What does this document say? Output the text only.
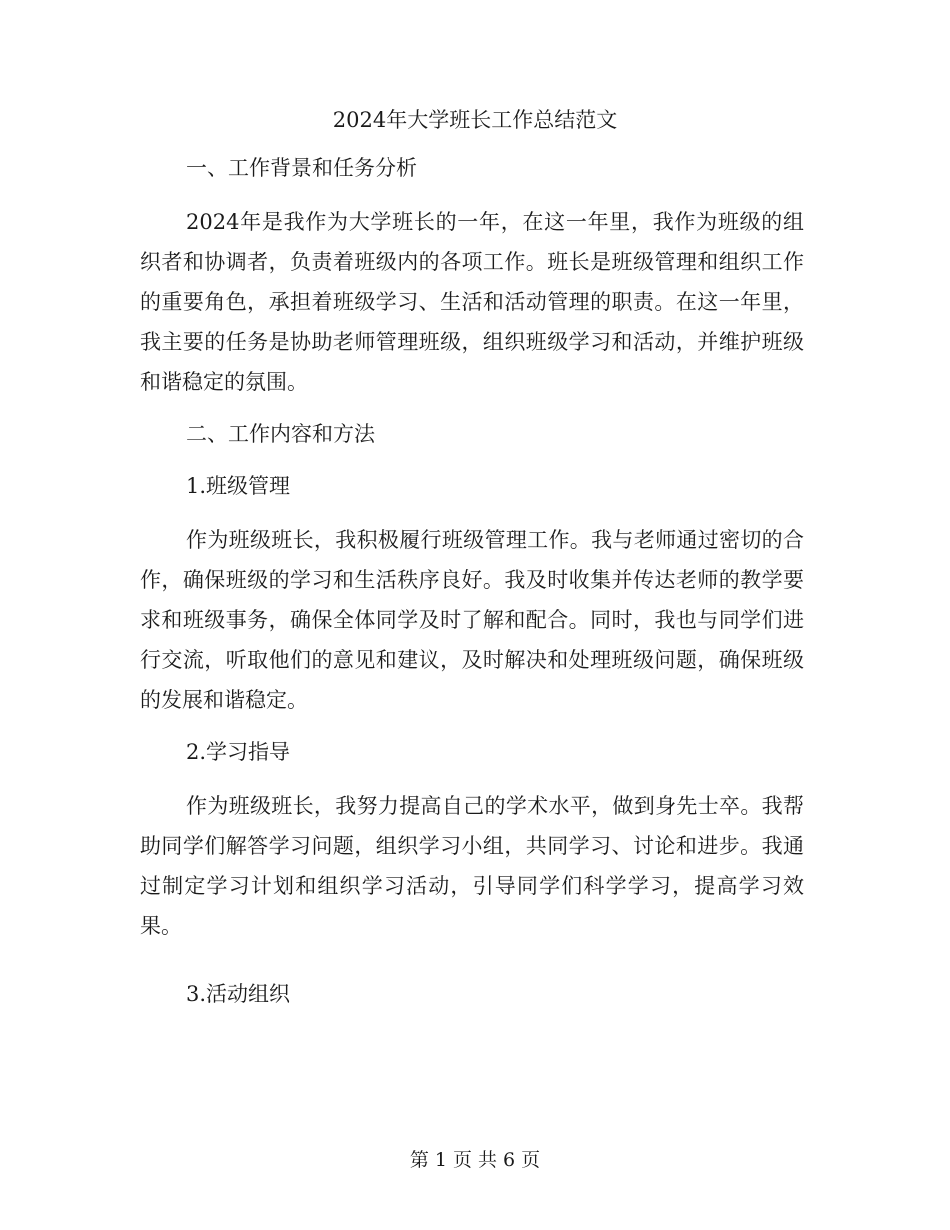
2024年大学班长工作总结范文

一、工作背景和任务分析

2024年是我作为大学班长的一年，在这一年里，我作为班级的组织者和协调者，负责着班级内的各项工作。班长是班级管理和组织工作的重要角色，承担着班级学习、生活和活动管理的职责。在这一年里，我主要的任务是协助老师管理班级，组织班级学习和活动，并维护班级和谐稳定的氛围。

二、工作内容和方法

1.班级管理

作为班级班长，我积极履行班级管理工作。我与老师通过密切的合作，确保班级的学习和生活秩序良好。我及时收集并传达老师的教学要求和班级事务，确保全体同学及时了解和配合。同时，我也与同学们进行交流，听取他们的意见和建议，及时解决和处理班级问题，确保班级的发展和谐稳定。

2.学习指导

作为班级班长，我努力提高自己的学术水平，做到身先士卒。我帮助同学们解答学习问题，组织学习小组，共同学习、讨论和进步。我通过制定学习计划和组织学习活动，引导同学们科学学习，提高学习效果。

3.活动组织

第 1 页 共 6 页
